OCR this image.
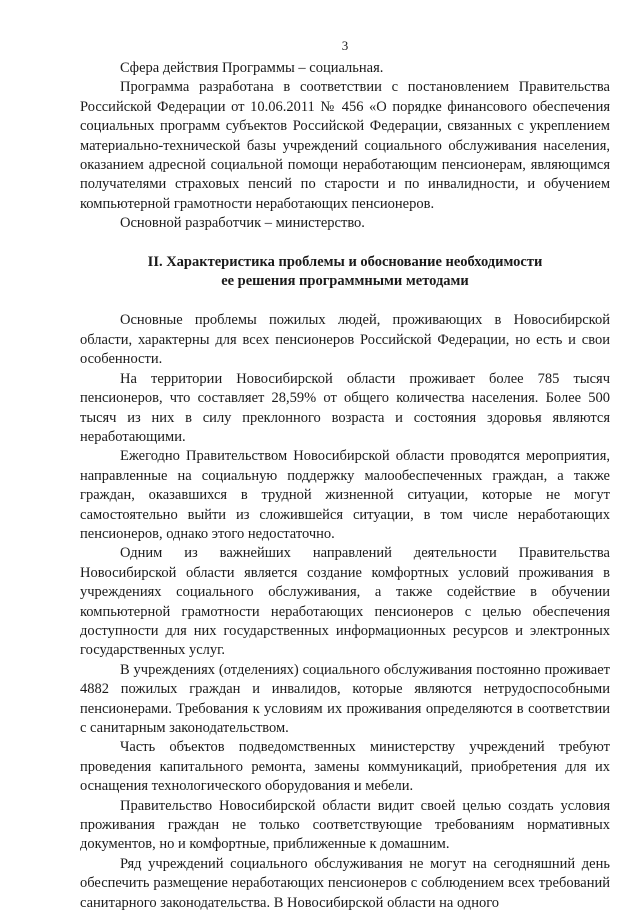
3

Сфера действия Программы – социальная.

Программа разработана в соответствии с постановлением Правительства Российской Федерации от 10.06.2011 № 456 «О порядке финансового обеспечения социальных программ субъектов Российской Федерации, связанных с укреплением материально-технической базы учреждений социального обслуживания населения, оказанием адресной социальной помощи неработающим пенсионерам, являющимся получателями страховых пенсий по старости и по инвалидности, и обучением компьютерной грамотности неработающих пенсионеров.

Основной разработчик – министерство.

II. Характеристика проблемы и обоснование необходимости
ее решения программными методами

Основные проблемы пожилых людей, проживающих в Новосибирской области, характерны для всех пенсионеров Российской Федерации, но есть и свои особенности.

На территории Новосибирской области проживает более 785 тысяч пенсионеров, что составляет 28,59% от общего количества населения. Более 500 тысяч из них в силу преклонного возраста и состояния здоровья являются неработающими.

Ежегодно Правительством Новосибирской области проводятся мероприятия, направленные на социальную поддержку малообеспеченных граждан, а также граждан, оказавшихся в трудной жизненной ситуации, которые не могут самостоятельно выйти из сложившейся ситуации, в том числе неработающих пенсионеров, однако этого недостаточно.

Одним из важнейших направлений деятельности Правительства Новосибирской области является создание комфортных условий проживания в учреждениях социального обслуживания, а также содействие в обучении компьютерной грамотности неработающих пенсионеров с целью обеспечения доступности для них государственных информационных ресурсов и электронных государственных услуг.

В учреждениях (отделениях) социального обслуживания постоянно проживает 4882 пожилых граждан и инвалидов, которые являются нетрудоспособными пенсионерами. Требования к условиям их проживания определяются в соответствии с санитарным законодательством.

Часть объектов подведомственных министерству учреждений требуют проведения капитального ремонта, замены коммуникаций, приобретения для их оснащения технологического оборудования и мебели.

Правительство Новосибирской области видит своей целью создать условия проживания граждан не только соответствующие требованиям нормативных документов, но и комфортные, приближенные к домашним.

Ряд учреждений социального обслуживания не могут на сегодняшний день обеспечить размещение неработающих пенсионеров с соблюдением всех требований санитарного законодательства. В Новосибирской области на одного
